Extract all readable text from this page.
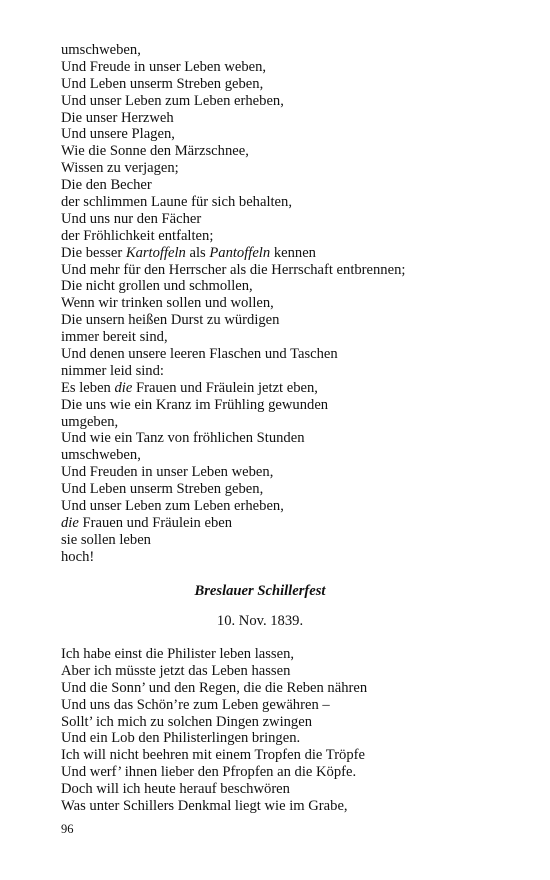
umschweben,
Und Freude in unser Leben weben,
Und Leben unserm Streben geben,
Und unser Leben zum Leben erheben,
Die unser Herzweh
Und unsere Plagen,
Wie die Sonne den Märzschnee,
Wissen zu verjagen;
Die den Becher
der schlimmen Laune für sich behalten,
Und uns nur den Fächer
der Fröhlichkeit entfalten;
Die besser Kartoffeln als Pantoffeln kennen
Und mehr für den Herrscher als die Herrschaft entbrennen;
Die nicht grollen und schmollen,
Wenn wir trinken sollen und wollen,
Die unsern heißen Durst zu würdigen
immer bereit sind,
Und denen unsere leeren Flaschen und Taschen
nimmer leid sind:
Es leben die Frauen und Fräulein jetzt eben,
Die uns wie ein Kranz im Frühling gewunden
umgeben,
Und wie ein Tanz von fröhlichen Stunden
umschweben,
Und Freuden in unser Leben weben,
Und Leben unserm Streben geben,
Und unser Leben zum Leben erheben,
die Frauen und Fräulein eben
sie sollen leben
hoch!
Breslauer Schillerfest
10. Nov. 1839.
Ich habe einst die Philister leben lassen,
Aber ich müsste jetzt das Leben hassen
Und die Sonn’ und den Regen, die die Reben nähren
Und uns das Schön’re zum Leben gewähren –
Sollt’ ich mich zu solchen Dingen zwingen
Und ein Lob den Philisterlingen bringen.
Ich will nicht beehren mit einem Tropfen die Tröpfe
Und werf’ ihnen lieber den Pfropfen an die Köpfe.
Doch will ich heute herauf beschwören
Was unter Schillers Denkmal liegt wie im Grabe,
96
